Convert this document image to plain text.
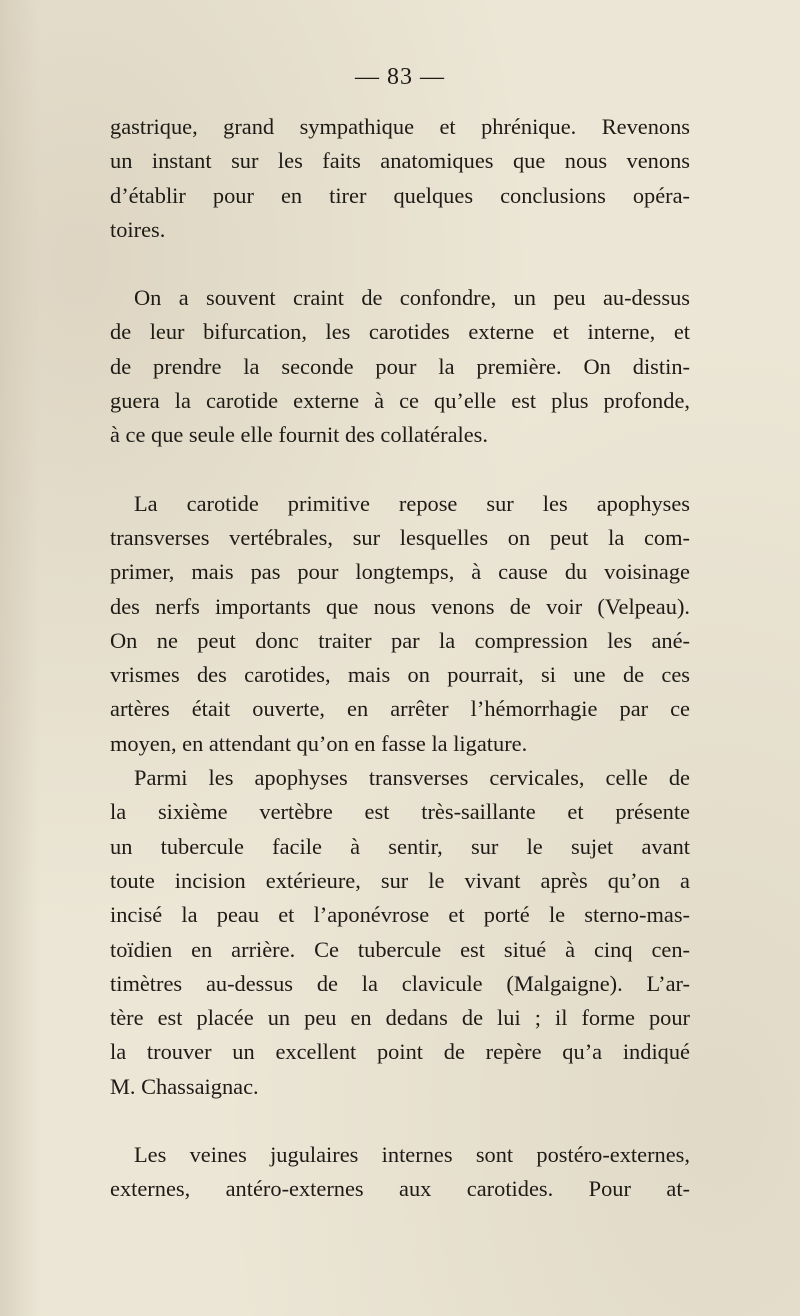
— 83 —
gastrique, grand sympathique et phrénique. Revenons
un instant sur les faits anatomiques que nous venons
d’établir pour en tirer quelques conclusions opéra-
toires.
On a souvent craint de confondre, un peu au-dessus
de leur bifurcation, les carotides externe et interne, et
de prendre la seconde pour la première. On distin-
guera la carotide externe à ce qu’elle est plus profonde,
à ce que seule elle fournit des collatérales.
La carotide primitive repose sur les apophyses
transverses vertébrales, sur lesquelles on peut la com-
primer, mais pas pour longtemps, à cause du voisinage
des nerfs importants que nous venons de voir (Velpeau).
On ne peut donc traiter par la compression les ané-
vrismes des carotides, mais on pourrait, si une de ces
artères était ouverte, en arrêter l’hémorrhagie par ce
moyen, en attendant qu’on en fasse la ligature.
Parmi les apophyses transverses cervicales, celle de
la sixième vertèbre est très-saillante et présente
un tubercule facile à sentir, sur le sujet avant
toute incision extérieure, sur le vivant après qu’on a
incisé la peau et l’aponévrose et porté le sterno-mas-
toïdien en arrière. Ce tubercule est situé à cinq cen-
timètres au-dessus de la clavicule (Malgaigne). L’ar-
tère est placée un peu en dedans de lui ; il forme pour
la trouver un excellent point de repère qu’a indiqué
M. Chassaignac.
Les veines jugulaires internes sont postéro-externes,
externes, antéro-externes aux carotides. Pour at-
